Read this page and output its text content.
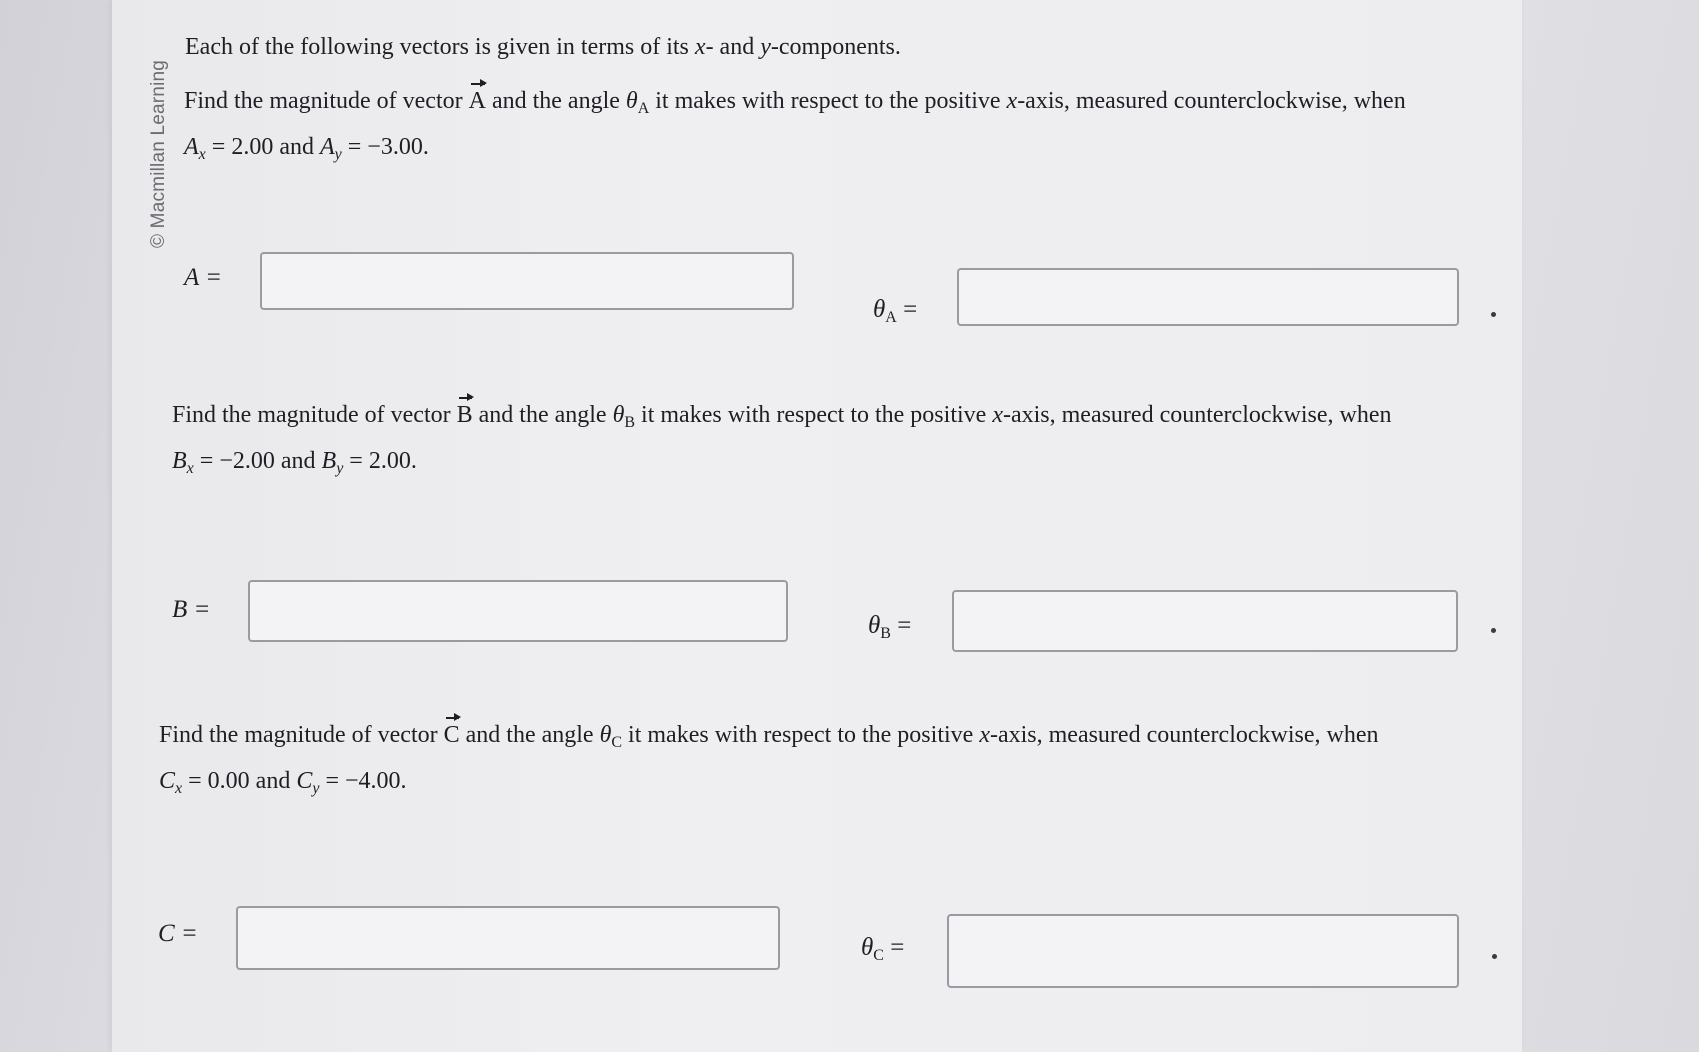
© Macmillan Learning
Each of the following vectors is given in terms of its x- and y-components.
Find the magnitude of vector A and the angle $\theta_A$ it makes with respect to the positive x-axis, measured counterclockwise, when
$A_x = 2.00$ and $A_y = -3.00$.
A =
$\theta_A$ =
Find the magnitude of vector B and the angle $\theta_B$ it makes with respect to the positive x-axis, measured counterclockwise, when
$B_x = -2.00$ and $B_y = 2.00$.
B =
$\theta_B$ =
Find the magnitude of vector C and the angle $\theta_C$ it makes with respect to the positive x-axis, measured counterclockwise, when
$C_x = 0.00$ and $C_y = -4.00$.
C =
$\theta_C$ =
